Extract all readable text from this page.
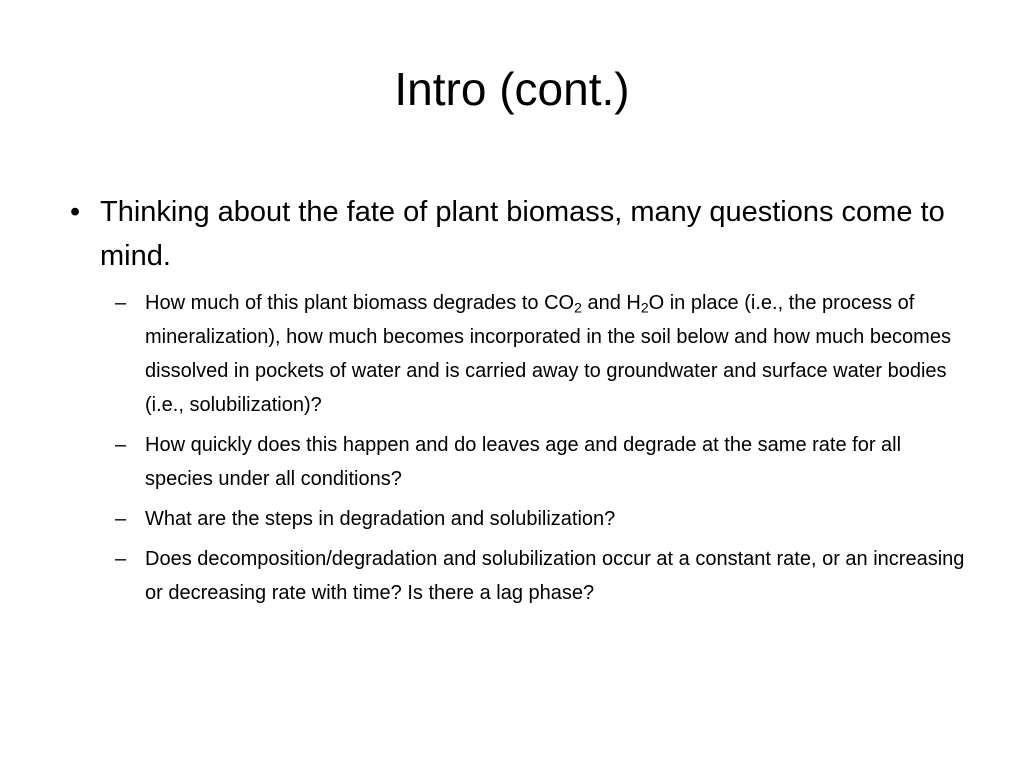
Intro (cont.)
• Thinking about the fate of plant biomass, many questions come to mind.
– How much of this plant biomass degrades to $CO_2$ and $H_2O$ in place (i.e., the process of mineralization), how much becomes incorporated in the soil below and how much becomes dissolved in pockets of water and is carried away to groundwater and surface water bodies (i.e., solubilization)?
– How quickly does this happen and do leaves age and degrade at the same rate for all species under all conditions?
– What are the steps in degradation and solubilization?
– Does decomposition/degradation and solubilization occur at a constant rate, or an increasing or decreasing rate with time? Is there a lag phase?
